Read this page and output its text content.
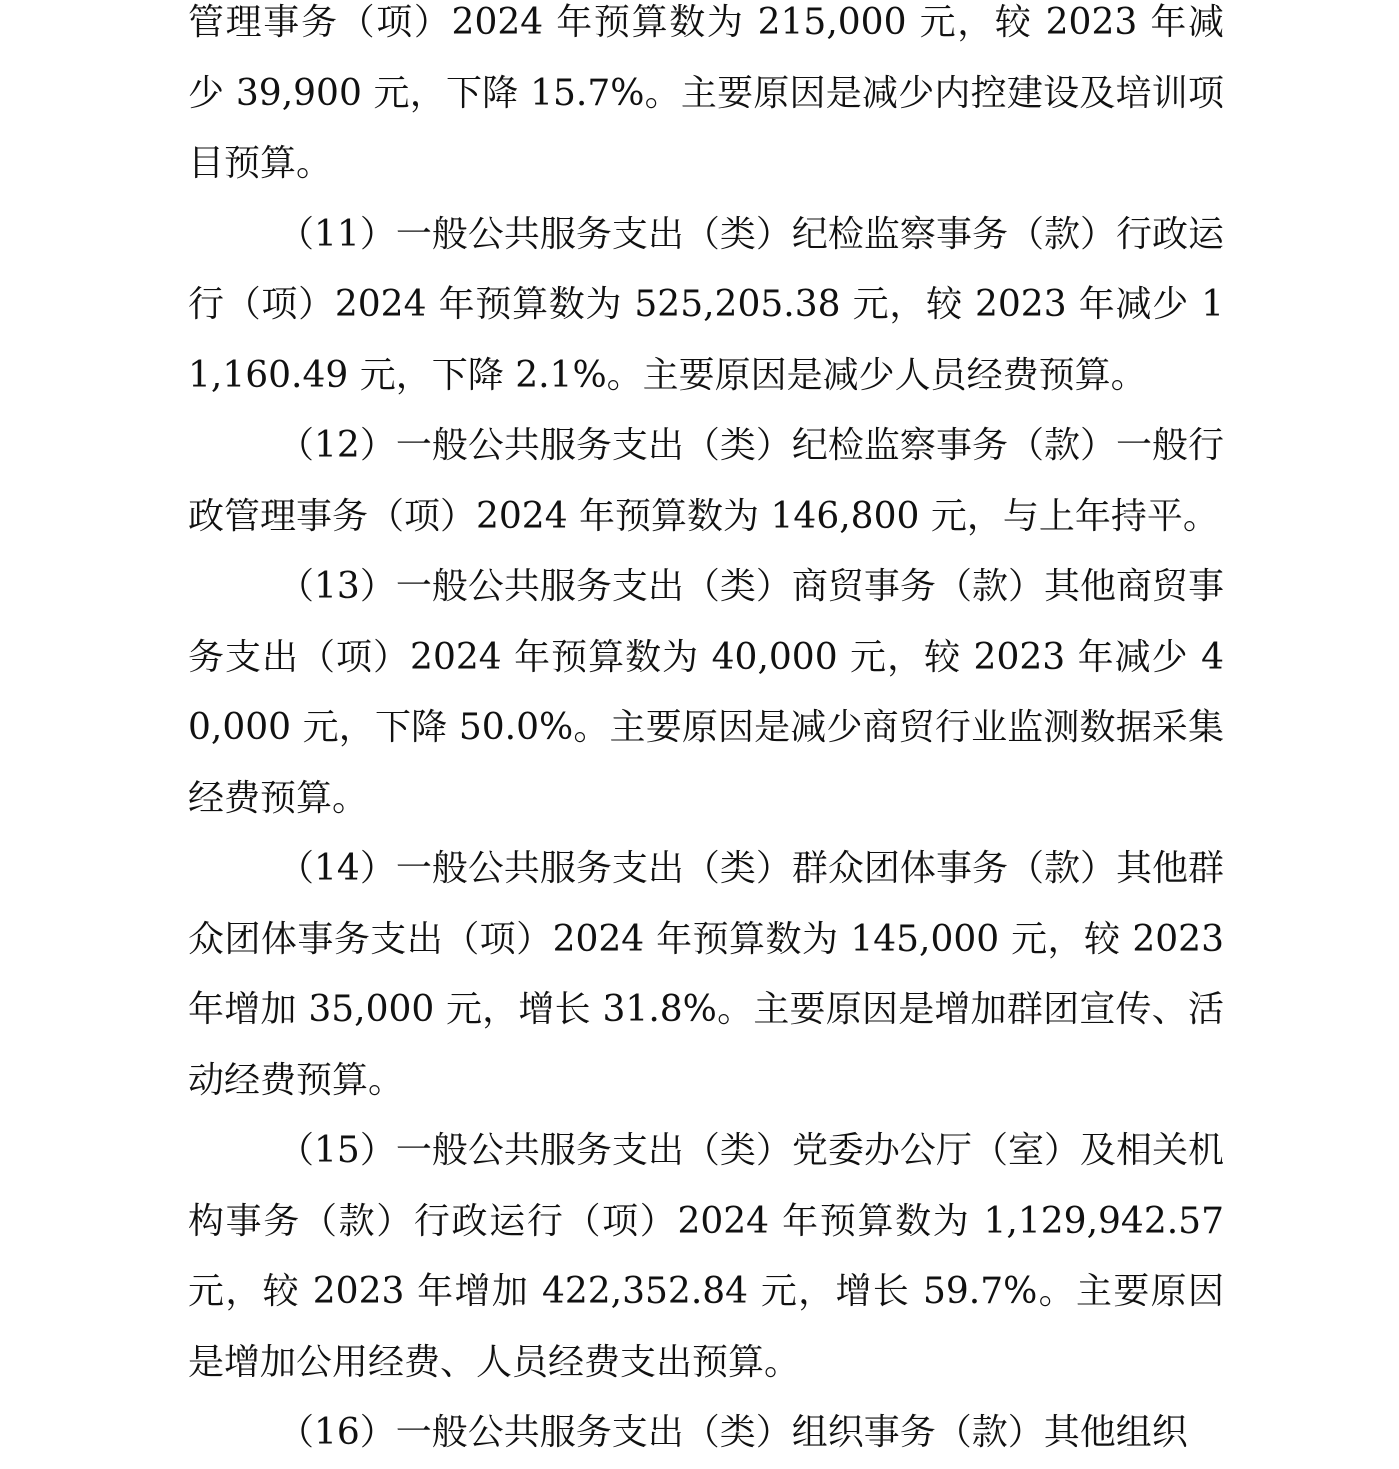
管理事务（项）2024 年预算数为 215,000 元，较 2023 年减少 39,900 元，下降 15.7%。主要原因是减少内控建设及培训项目预算。

（11）一般公共服务支出（类）纪检监察事务（款）行政运行（项）2024 年预算数为 525,205.38 元，较 2023 年减少 11,160.49 元，下降 2.1%。主要原因是减少人员经费预算。

（12）一般公共服务支出（类）纪检监察事务（款）一般行政管理事务（项）2024 年预算数为 146,800 元，与上年持平。

（13）一般公共服务支出（类）商贸事务（款）其他商贸事务支出（项）2024 年预算数为 40,000 元，较 2023 年减少 40,000 元，下降 50.0%。主要原因是减少商贸行业监测数据采集经费预算。

（14）一般公共服务支出（类）群众团体事务（款）其他群众团体事务支出（项）2024 年预算数为 145,000 元，较 2023 年增加 35,000 元，增长 31.8%。主要原因是增加群团宣传、活动经费预算。

（15）一般公共服务支出（类）党委办公厅（室）及相关机构事务（款）行政运行（项）2024 年预算数为 1,129,942.57 元，较 2023 年增加 422,352.84 元，增长 59.7%。主要原因是增加公用经费、人员经费支出预算。

（16）一般公共服务支出（类）组织事务（款）其他组织
